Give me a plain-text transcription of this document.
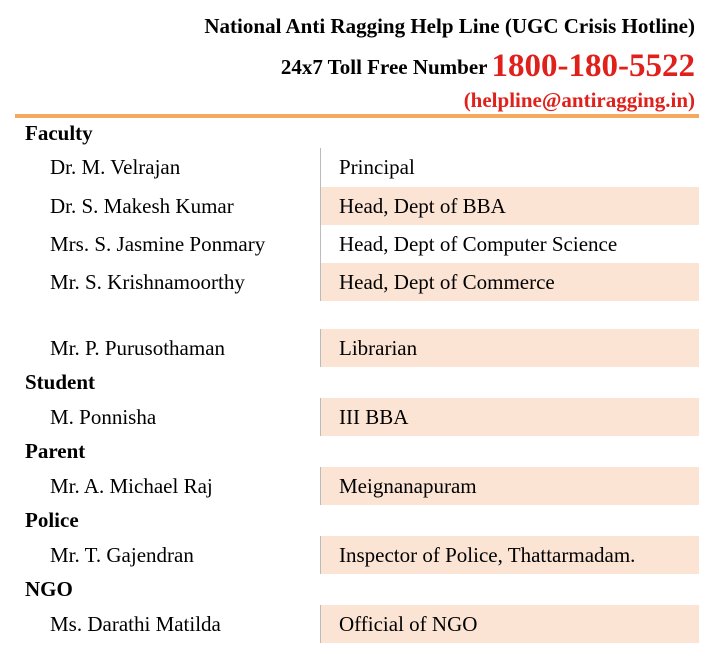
National Anti Ragging Help Line (UGC Crisis Hotline)
24x7 Toll Free Number 1800-180-5522
(helpline@antiragging.in)
Faculty
Dr. M. Velrajan	Principal
Dr. S. Makesh Kumar	Head, Dept of BBA
Mrs. S. Jasmine Ponmary	Head, Dept of Computer Science
Mr. S. Krishnamoorthy	Head, Dept of Commerce
Mr. P. Purusothaman	Librarian
Student
M. Ponnisha	III BBA
Parent
Mr. A. Michael Raj	Meignanapuram
Police
Mr. T. Gajendran	Inspector of Police, Thattarmadam.
NGO
Ms. Darathi Matilda	Official of NGO
